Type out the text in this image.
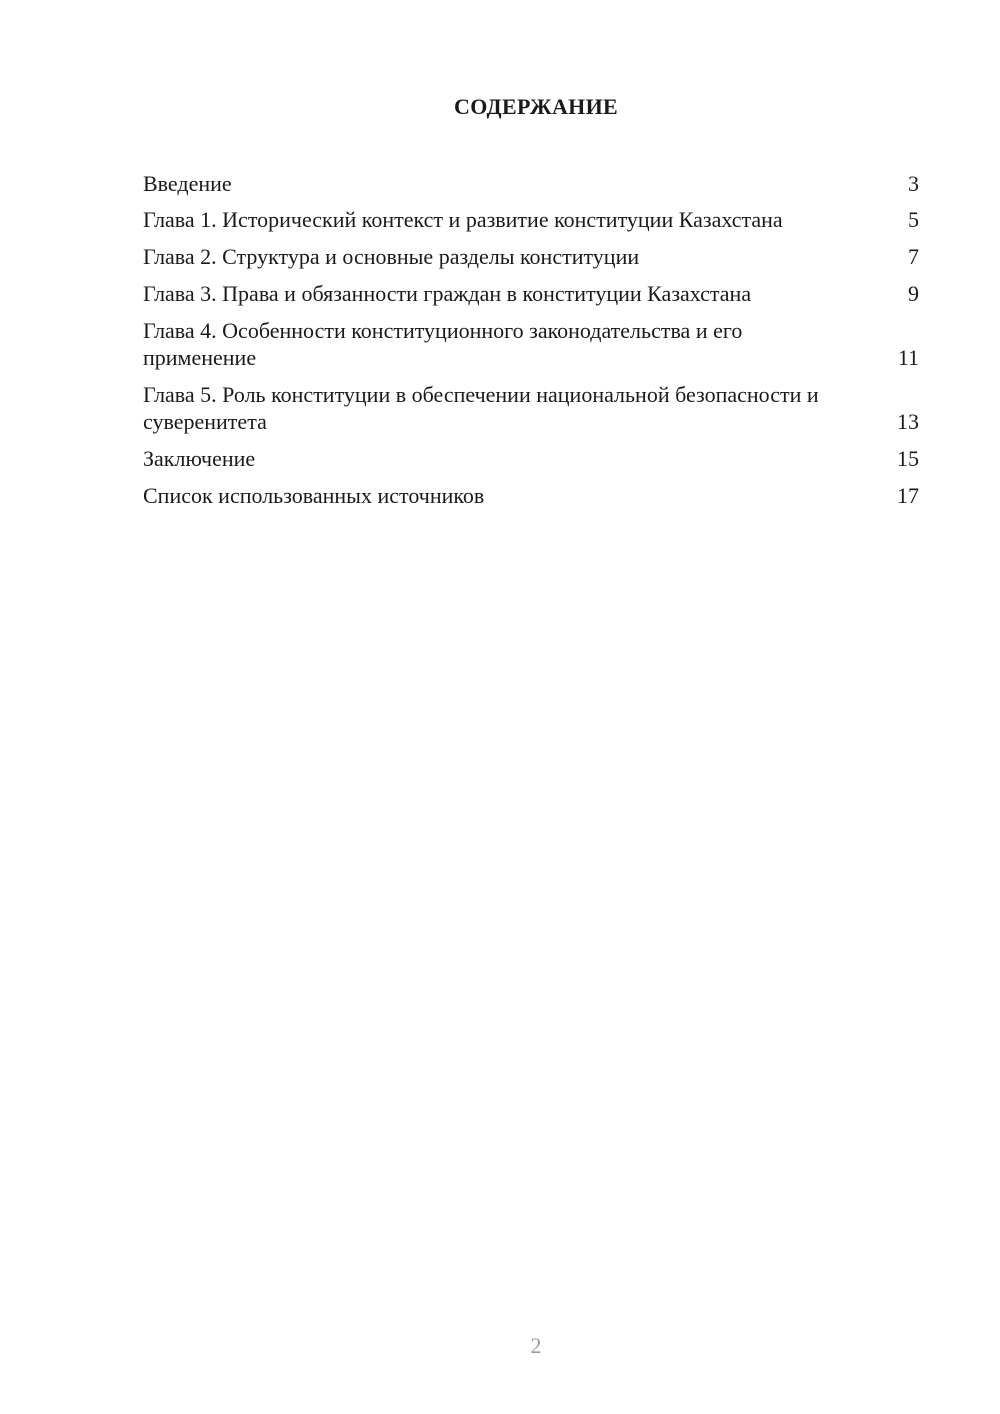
СОДЕРЖАНИЕ
Введение	3
Глава 1. Исторический контекст и развитие конституции Казахстана	5
Глава 2. Структура и основные разделы конституции	7
Глава 3. Права и обязанности граждан в конституции Казахстана	9
Глава 4. Особенности конституционного законодательства и его применение	11
Глава 5. Роль конституции в обеспечении национальной безопасности и суверенитета	13
Заключение	15
Список использованных источников	17
2
